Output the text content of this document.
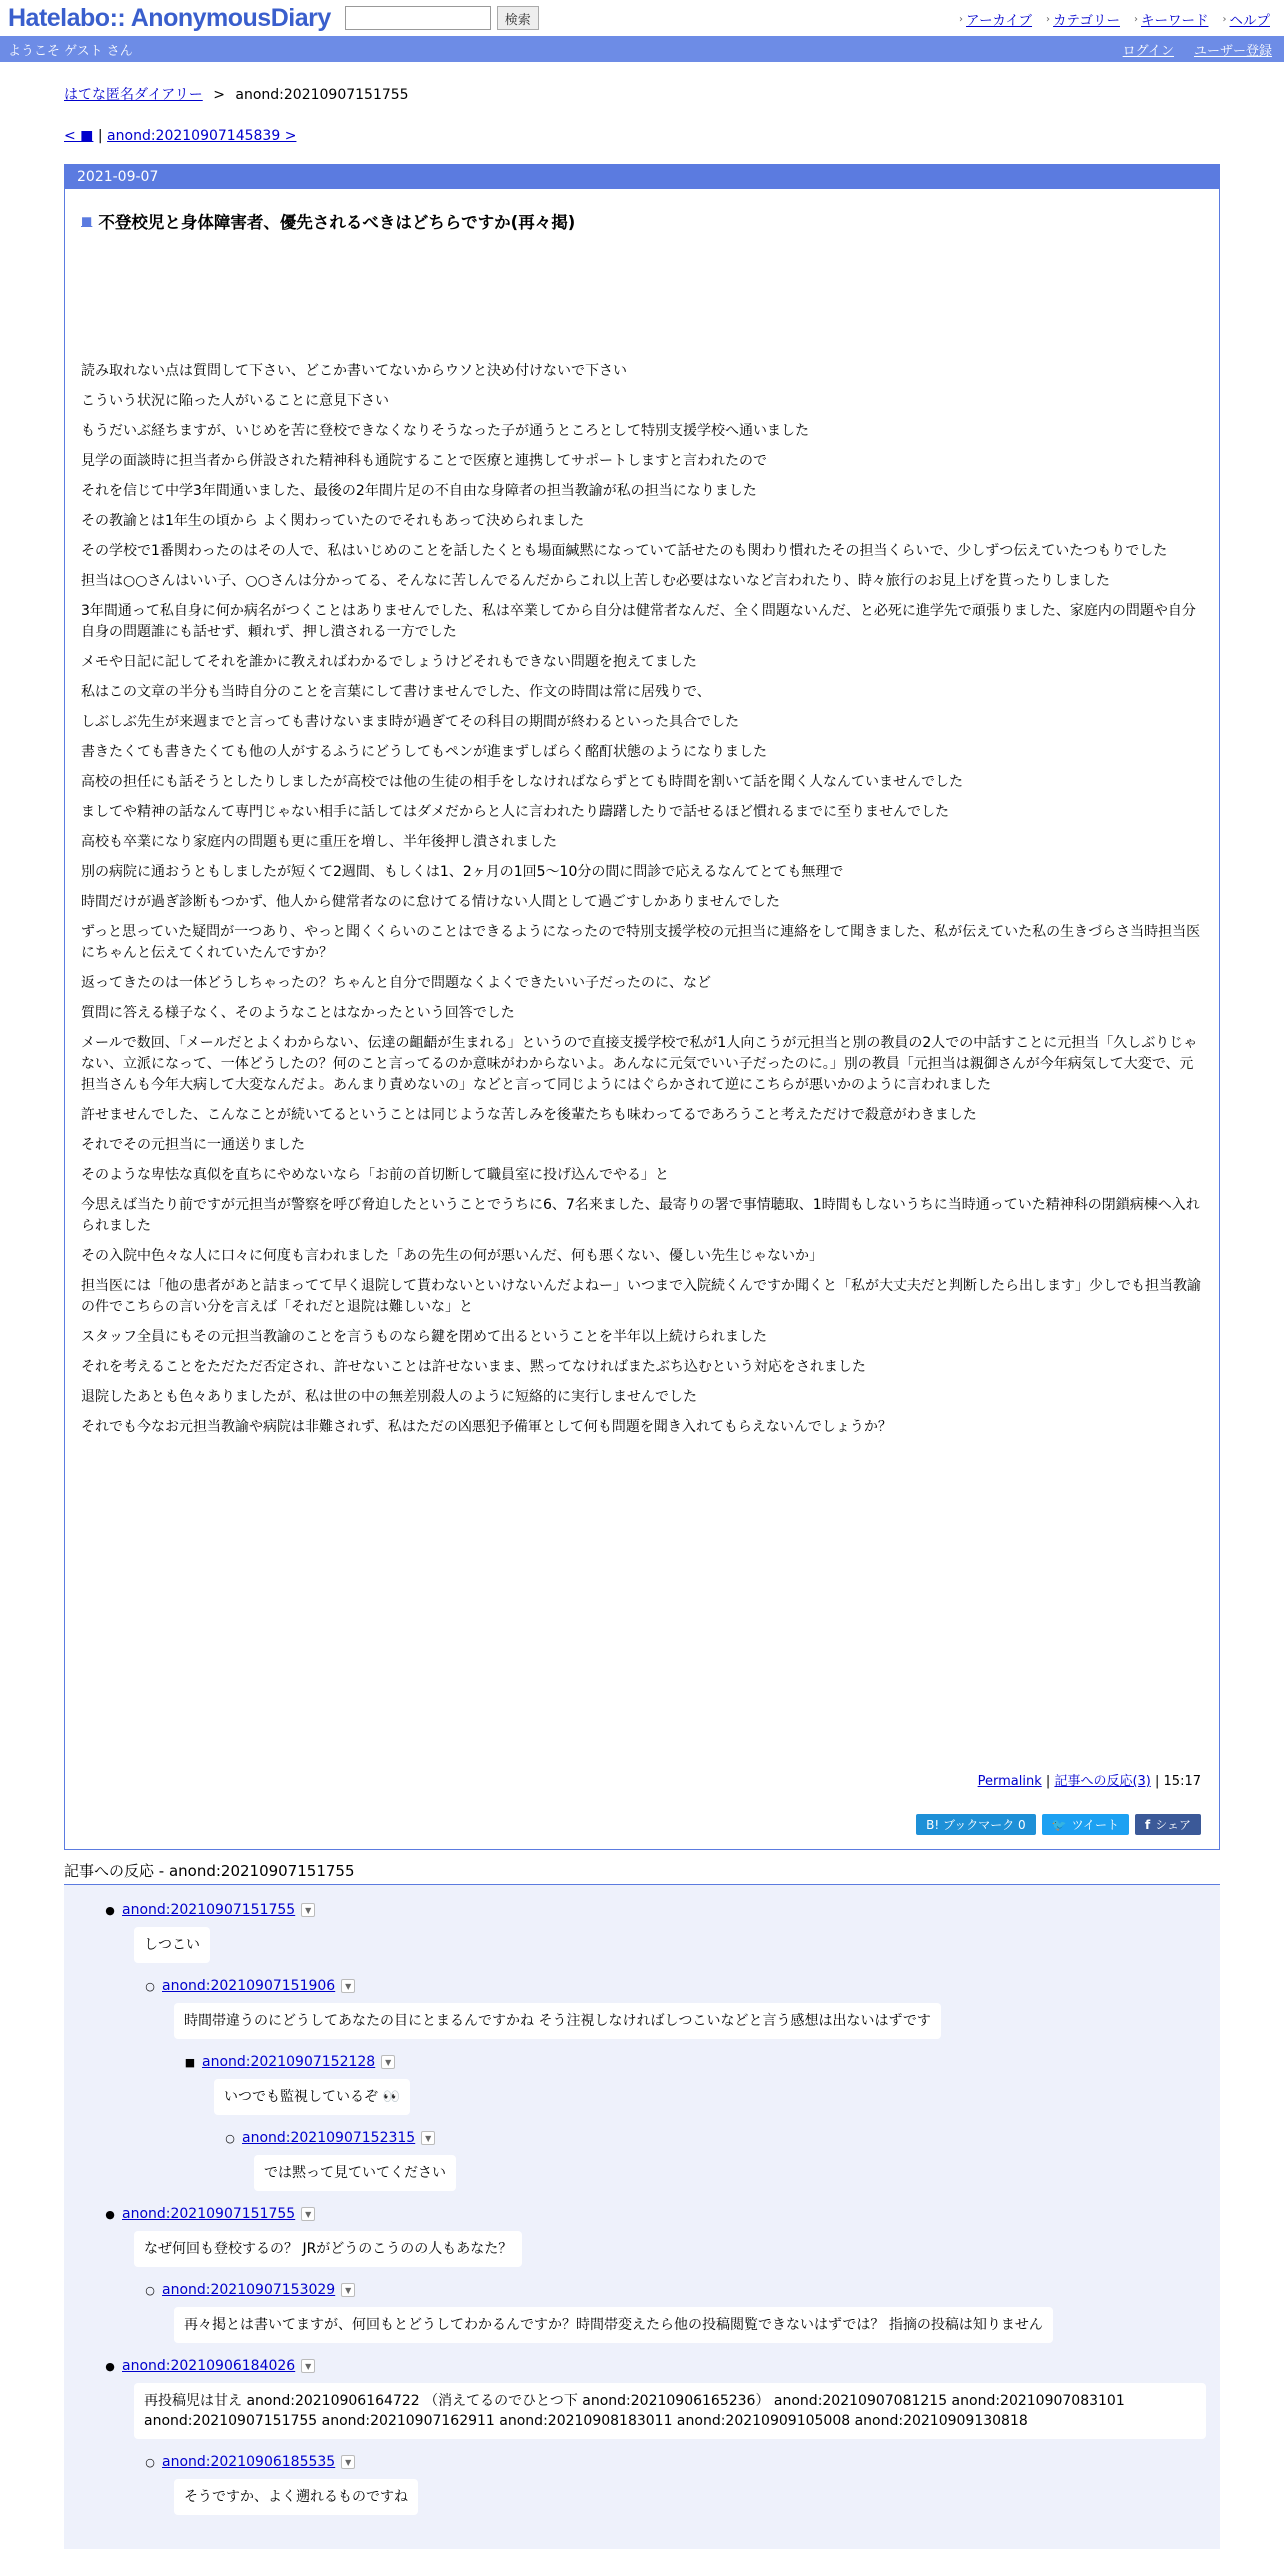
Hatelabo:: AnonymousDiary	検索	› アーカイブ › カテゴリー › キーワード › ヘルプ
ようこそ ゲスト さん	ログイン ユーザー登録
はてな匿名ダイアリー > anond:20210907151755
< ■ | anond:20210907145839 >
2021-09-07
■ 不登校児と身体障害者、優先されるべきはどちらですか(再々掲)

読み取れない点は質問して下さい、どこか書いてないからウソと決め付けないで下さい

こういう状況に陥った人がいることに意見下さい

もうだいぶ経ちますが、いじめを苦に登校できなくなりそうなった子が通うところとして特別支援学校へ通いました

見学の面談時に担当者から併設された精神科も通院することで医療と連携してサポートしますと言われたので

それを信じて中学3年間通いました、最後の2年間片足の不自由な身障者の担当教諭が私の担当になりました

その教諭とは1年生の頃から よく関わっていたのでそれもあって決められました

その学校で1番関わったのはその人で、私はいじめのことを話したくとも場面緘黙になっていて話せたのも関わり慣れたその担当くらいで、少しずつ伝えていたつもりでした

担当は○○さんはいい子、○○さんは分かってる、そんなに苦しんでるんだからこれ以上苦しむ必要はないなど言われたり、時々旅行のお見上げを貰ったりしました

3年間通って私自身に何か病名がつくことはありませんでした、私は卒業してから自分は健常者なんだ、全く問題ないんだ、と必死に進学先で頑張りました、家庭内の問題や自分自身の問題誰にも話せず、頼れず、押し潰される一方でした

メモや日記に記してそれを誰かに教えればわかるでしょうけどそれもできない問題を抱えてました

私はこの文章の半分も当時自分のことを言葉にして書けませんでした、作文の時間は常に居残りで、

しぶしぶ先生が来週までと言っても書けないまま時が過ぎてその科目の期間が終わるといった具合でした

書きたくても書きたくても他の人がするふうにどうしてもペンが進まずしばらく酩酊状態のようになりました

高校の担任にも話そうとしたりしましたが高校では他の生徒の相手をしなければならずとても時間を割いて話を聞く人なんていませんでした

ましてや精神の話なんて専門じゃない相手に話してはダメだからと人に言われたり躊躇したりで話せるほど慣れるまでに至りませんでした

高校も卒業になり家庭内の問題も更に重圧を増し、半年後押し潰されました

別の病院に通おうともしましたが短くて2週間、もしくは1、2ヶ月の1回5〜10分の間に問診で応えるなんてとても無理で

時間だけが過ぎ診断もつかず、他人から健常者なのに怠けてる情けない人間として過ごすしかありませんでした

ずっと思っていた疑問が一つあり、やっと聞くくらいのことはできるようになったので特別支援学校の元担当に連絡をして聞きました、私が伝えていた私の生きづらさ当時担当医にちゃんと伝えてくれていたんですか？

返ってきたのは一体どうしちゃったの？ちゃんと自分で問題なくよくできたいい子だったのに、など

質問に答える様子なく、そのようなことはなかったという回答でした

メールで数回、「メールだとよくわからない、伝達の齟齬が生まれる」というので直接支援学校で私が1人向こうが元担当と別の教員の2人での中話すことに元担当「久しぶりじゃない、立派になって、一体どうしたの？何のこと言ってるのか意味がわからないよ。あんなに元気でいい子だったのに。」別の教員「元担当は親御さんが今年病気して大変で、元担当さんも今年大病して大変なんだよ。あんまり責めないの」などと言って同じようにはぐらかされて逆にこちらが悪いかのように言われました

許せませんでした、こんなことが続いてるということは同じような苦しみを後輩たちも味わってるであろうこと考えただけで殺意がわきました

それでその元担当に一通送りました

そのような卑怯な真似を直ちにやめないなら「お前の首切断して職員室に投げ込んでやる」と

今思えば当たり前ですが元担当が警察を呼び脅迫したということでうちに6、7名来ました、最寄りの署で事情聴取、1時間もしないうちに当時通っていた精神科の閉鎖病棟へ入れられました

その入院中色々な人に口々に何度も言われました「あの先生の何が悪いんだ、何も悪くない、優しい先生じゃないか」

担当医には「他の患者があと詰まってて早く退院して貰わないといけないんだよねー」いつまで入院続くんですか聞くと「私が大丈夫だと判断したら出します」少しでも担当教諭の件でこちらの言い分を言えば「それだと退院は難しいな」と

スタッフ全員にもその元担当教諭のことを言うものなら鍵を閉めて出るということを半年以上続けられました

それを考えることをただただ否定され、許せないことは許せないまま、黙ってなければまたぶち込むという対応をされました

退院したあとも色々ありましたが、私は世の中の無差別殺人のように短絡的に実行しませんでした

それでも今なお元担当教諭や病院は非難されず、私はただの凶悪犯予備軍として何も問題を聞き入れてもらえないんでしょうか？

Permalink | 記事への反応(3) | 15:17
B! ブックマーク 0	🐦 ツイート f シェア
記事への反応 - anond:20210907151755
● anond:20210907151755	▼
しつこい
○ anond:20210907151906	▼
時間帯違うのにどうしてあなたの目にとまるんですかね そう注視しなければしつこいなどと言う感想は出ないはずです
■ anond:20210907152128	▼
いつでも監視しているぞ 👀
○ anond:20210907152315	▼
では黙って見ていてください
● anond:20210907151755	▼
なぜ何回も登校するの？ JRがどうのこうのの人もあなた？
○ anond:20210907153029	▼
再々掲とは書いてますが、何回もとどうしてわかるんですか？時間帯変えたら他の投稿閲覧できないはずでは？ 指摘の投稿は知りません
● anond:20210906184026	▼
再投稿児は甘え anond:20210906164722 （消えてるのでひとつ下 anond:20210906165236） anond:20210907081215 anond:20210907083101 anond:20210907151755 anond:20210907162911 anond:20210908183011 anond:20210909105008 anond:20210909130818
○ anond:20210906185535	▼
そうですか、よく遡れるものですね
